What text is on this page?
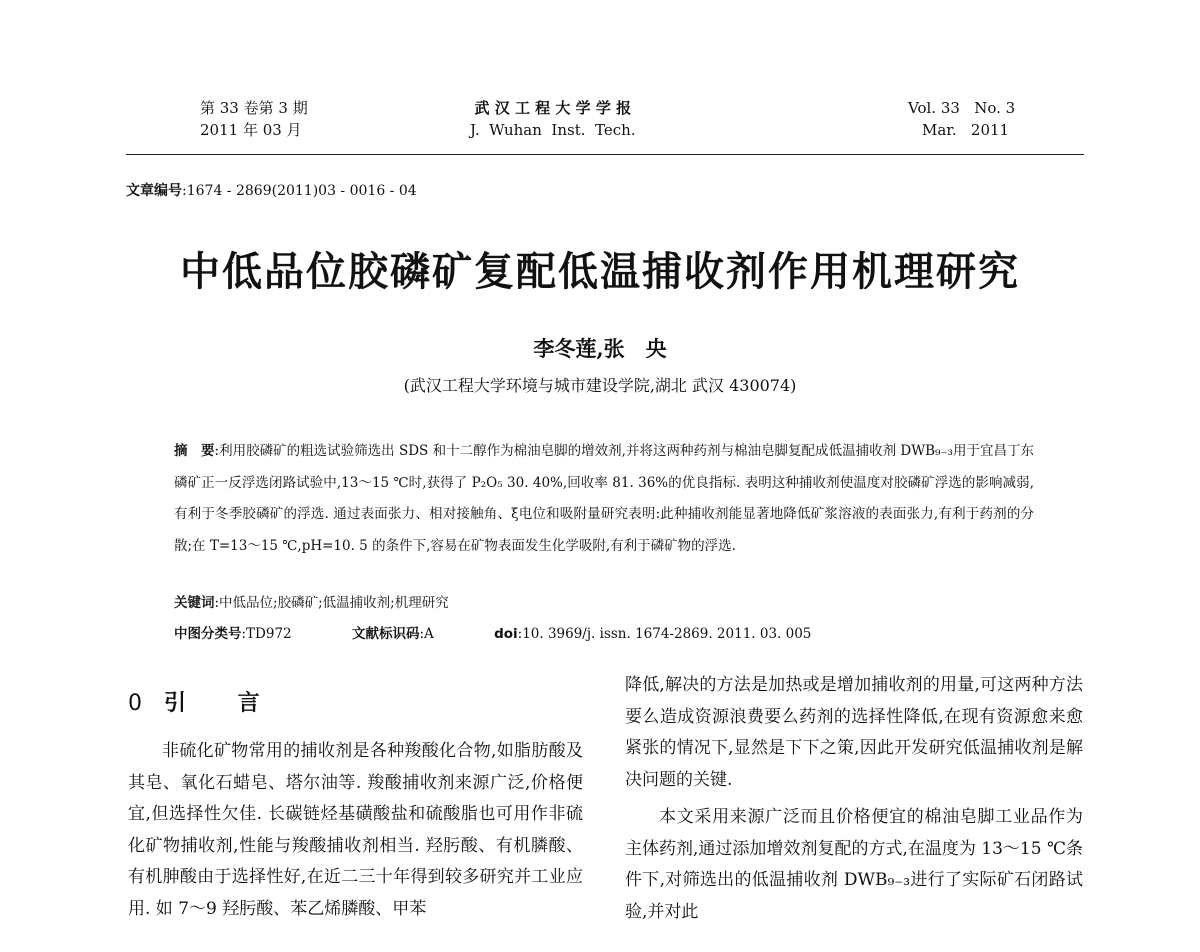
第 33 卷第 3 期
2011 年 03 月
武 汉 工 程 大 学 学 报
J.  Wuhan  Inst.  Tech.
Vol. 33   No. 3
Mar.   2011
文章编号:1674 - 2869(2011)03 - 0016 - 04
中低品位胶磷矿复配低温捕收剂作用机理研究
李冬莲,张　央
(武汉工程大学环境与城市建设学院,湖北 武汉 430074)
摘　要:利用胶磷矿的粗选试验筛选出 SDS 和十二醇作为棉油皂脚的增效剂,并将这两种药剂与棉油皂脚复配成低温捕收剂 DWB₉₋₃用于宜昌丁东磷矿正一反浮选闭路试验中,13～15 ℃时,获得了 P₂O₅ 30. 40%,回收率 81. 36%的优良指标. 表明这种捕收剂使温度对胶磷矿浮选的影响减弱,有利于冬季胶磷矿的浮选. 通过表面张力、相对接触角、ξ电位和吸附量研究表明:此种捕收剂能显著地降低矿浆溶液的表面张力,有利于药剂的分散;在 T=13～15 ℃,pH=10. 5 的条件下,容易在矿物表面发生化学吸附,有利于磷矿物的浮选.
关键词:中低品位;胶磷矿;低温捕收剂;机理研究
中图分类号:TD972	文献标识码:A	doi:10. 3969/j. issn. 1674-2869. 2011. 03. 005
0 引 言

非硫化矿物常用的捕收剂是各种羧酸化合物,如脂肪酸及其皂、氧化石蜡皂、塔尔油等. 羧酸捕收剂来源广泛,价格便宜,但选择性欠佳. 长碳链烃基磺酸盐和硫酸脂也可用作非硫化矿物捕收剂,性能与羧酸捕收剂相当. 羟肟酸、有机膦酸、有机胂酸由于选择性好,在近二三十年得到较多研究并工业应用. 如 7～9 羟肟酸、苯乙烯膦酸、甲苯

降低,解决的方法是加热或是增加捕收剂的用量,可这两种方法要么造成资源浪费要么药剂的选择性降低,在现有资源愈来愈紧张的情况下,显然是下下之策,因此开发研究低温捕收剂是解决问题的关键.

本文采用来源广泛而且价格便宜的棉油皂脚工业品作为主体药剂,通过添加增效剂复配的方式,在温度为 13～15 ℃条件下,对筛选出的低温捕收剂 DWB₉₋₃进行了实际矿石闭路试验,并对此
